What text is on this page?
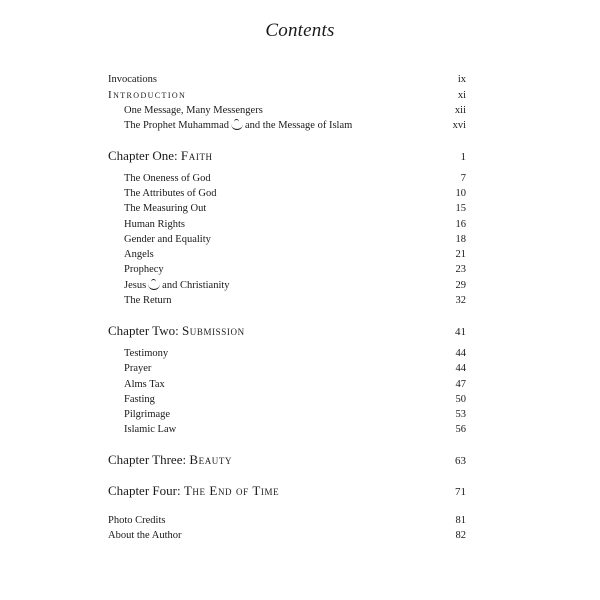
Contents
Invocations	ix
Introduction	xi
One Message, Many Messengers	xii
The Prophet Muhammad and the Message of Islam	xvi
Chapter One: Faith	1
The Oneness of God	7
The Attributes of God	10
The Measuring Out	15
Human Rights	16
Gender and Equality	18
Angels	21
Prophecy	23
Jesus and Christianity	29
The Return	32
Chapter Two: Submission	41
Testimony	44
Prayer	44
Alms Tax	47
Fasting	50
Pilgrimage	53
Islamic Law	56
Chapter Three: Beauty	63
Chapter Four: The End of Time	71
Photo Credits	81
About the Author	82
